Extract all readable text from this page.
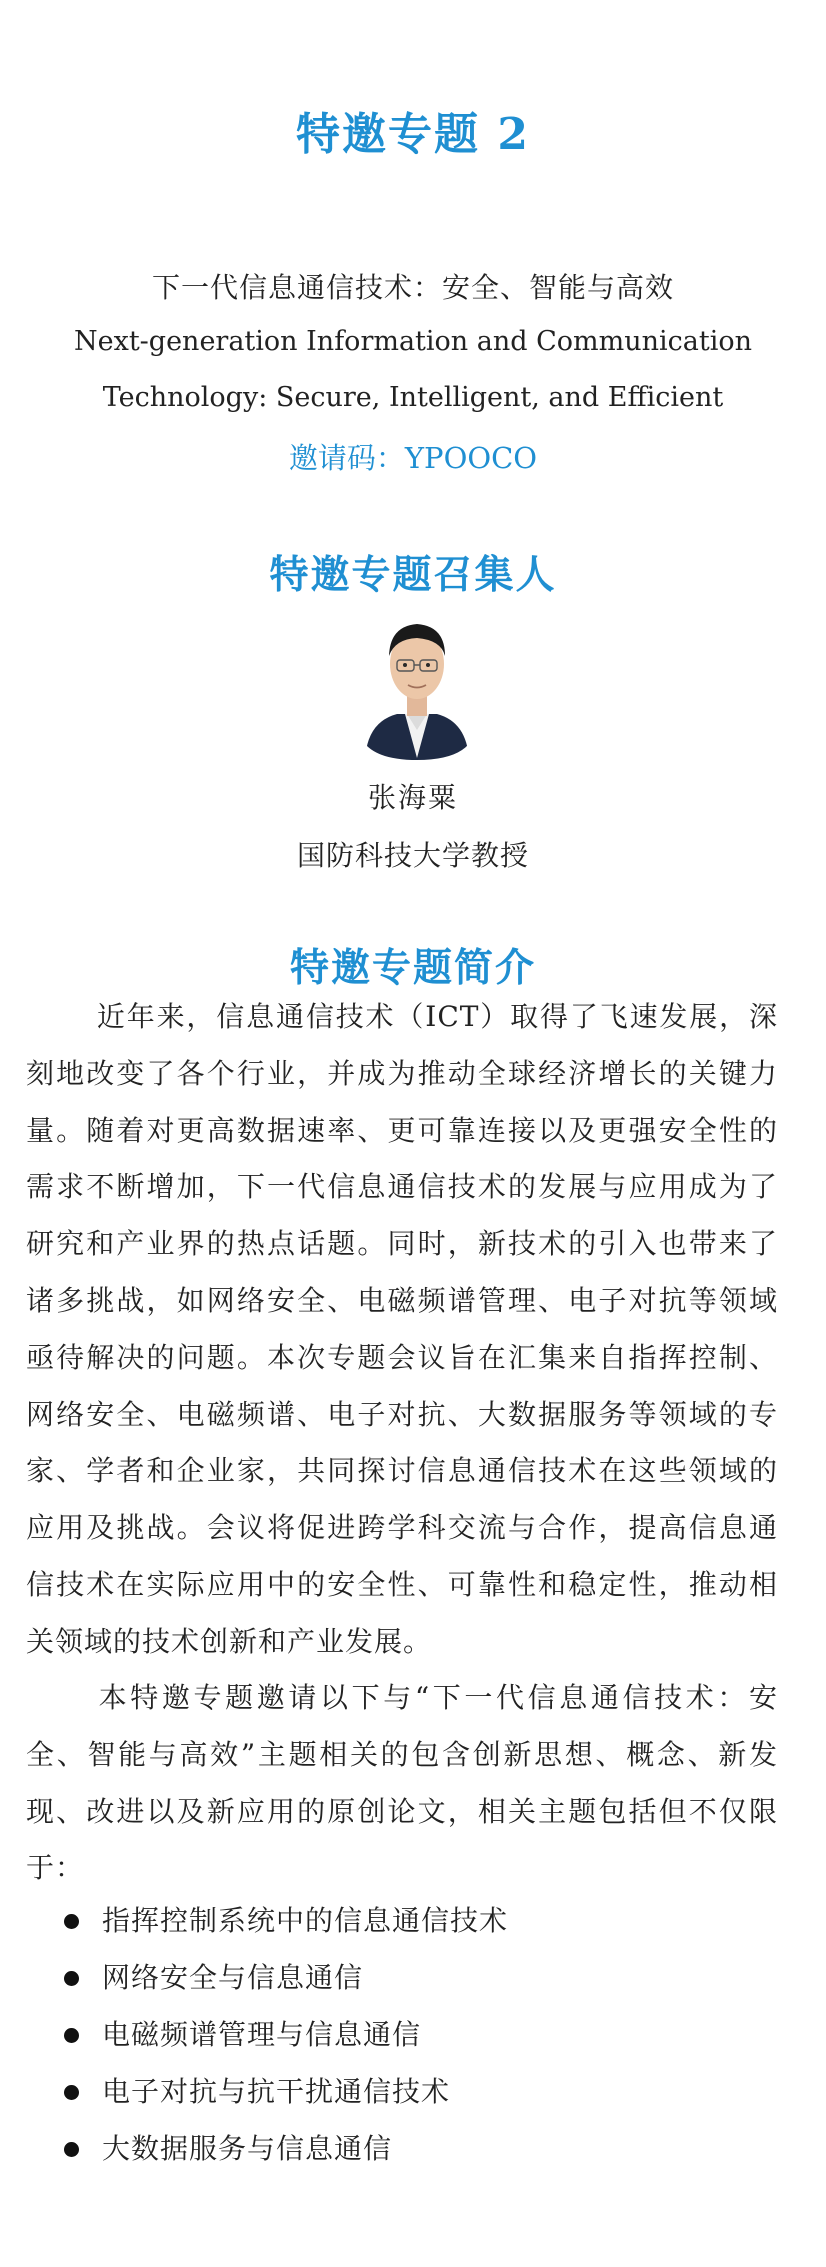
特邀专题 2
下一代信息通信技术：安全、智能与高效
Next-generation Information and Communication
Technology: Secure, Intelligent, and Efficient
邀请码：YPOOCO
特邀专题召集人
张海粟
国防科技大学教授
特邀专题简介
近年来，信息通信技术（ICT）取得了飞速发展，深刻地改变了各个行业，并成为推动全球经济增长的关键力量。随着对更高数据速率、更可靠连接以及更强安全性的需求不断增加，下一代信息通信技术的发展与应用成为了研究和产业界的热点话题。同时，新技术的引入也带来了诸多挑战，如网络安全、电磁频谱管理、电子对抗等领域亟待解决的问题。本次专题会议旨在汇集来自指挥控制、网络安全、电磁频谱、电子对抗、大数据服务等领域的专家、学者和企业家，共同探讨信息通信技术在这些领域的应用及挑战。会议将促进跨学科交流与合作，提高信息通信技术在实际应用中的安全性、可靠性和稳定性，推动相关领域的技术创新和产业发展。
本特邀专题邀请以下与“下一代信息通信技术：安全、智能与高效”主题相关的包含创新思想、概念、新发现、改进以及新应用的原创论文，相关主题包括但不仅限于：
指挥控制系统中的信息通信技术
网络安全与信息通信
电磁频谱管理与信息通信
电子对抗与抗干扰通信技术
大数据服务与信息通信
